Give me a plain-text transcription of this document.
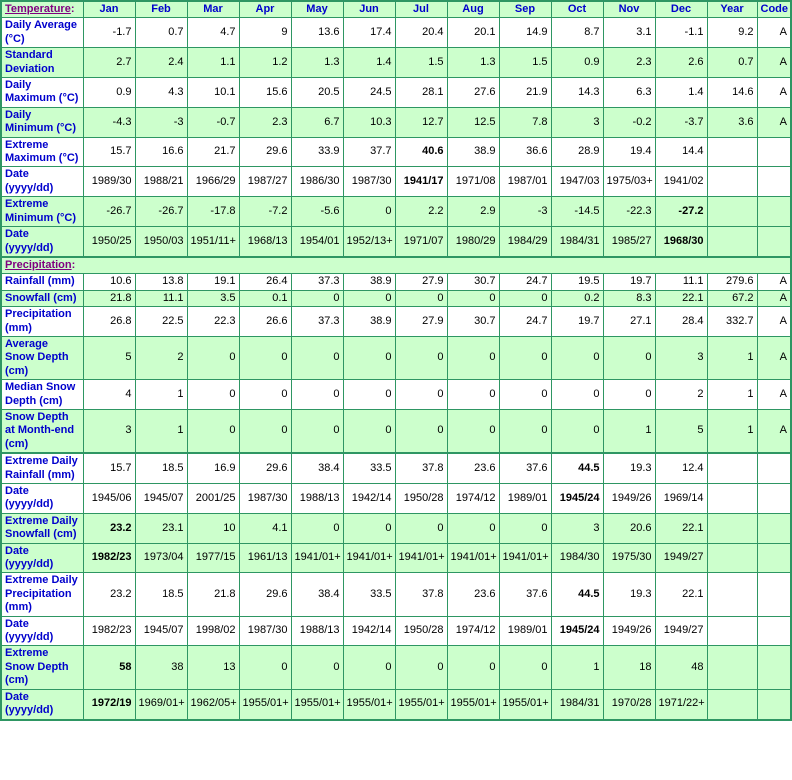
Temperature:	Jan	Feb	Mar	Apr	May	Jun	Jul	Aug	Sep	Oct	Nov	Dec	Year	Code
Daily Average (°C)	-1.7	0.7	4.7	9	13.6	17.4	20.4	20.1	14.9	8.7	3.1	-1.1	9.2	A
Standard Deviation	2.7	2.4	1.1	1.2	1.3	1.4	1.5	1.3	1.5	0.9	2.3	2.6	0.7	A
Daily Maximum (°C)	0.9	4.3	10.1	15.6	20.5	24.5	28.1	27.6	21.9	14.3	6.3	1.4	14.6	A
Daily Minimum (°C)	-4.3	-3	-0.7	2.3	6.7	10.3	12.7	12.5	7.8	3	-0.2	-3.7	3.6	A
Extreme Maximum (°C)	15.7	16.6	21.7	29.6	33.9	37.7	40.6	38.9	36.6	28.9	19.4	14.4		
Date (yyyy/dd)	1989/30	1988/21	1966/29	1987/27	1986/30	1987/30	1941/17	1971/08	1987/01	1947/03	1975/03+	1941/02		
Extreme Minimum (°C)	-26.7	-26.7	-17.8	-7.2	-5.6	0	2.2	2.9	-3	-14.5	-22.3	-27.2		
Date (yyyy/dd)	1950/25	1950/03	1951/11+	1968/13	1954/01	1952/13+	1971/07	1980/29	1984/29	1984/31	1985/27	1968/30		
Precipitation:														
Rainfall (mm)	10.6	13.8	19.1	26.4	37.3	38.9	27.9	30.7	24.7	19.5	19.7	11.1	279.6	A
Snowfall (cm)	21.8	11.1	3.5	0.1	0	0	0	0	0	0.2	8.3	22.1	67.2	A
Precipitation (mm)	26.8	22.5	22.3	26.6	37.3	38.9	27.9	30.7	24.7	19.7	27.1	28.4	332.7	A
Average Snow Depth (cm)	5	2	0	0	0	0	0	0	0	0	0	3	1	A
Median Snow Depth (cm)	4	1	0	0	0	0	0	0	0	0	0	2	1	A
Snow Depth at Month-end (cm)	3	1	0	0	0	0	0	0	0	0	1	5	1	A
Extreme Daily Rainfall (mm)	15.7	18.5	16.9	29.6	38.4	33.5	37.8	23.6	37.6	44.5	19.3	12.4		
Date (yyyy/dd)	1945/06	1945/07	2001/25	1987/30	1988/13	1942/14	1950/28	1974/12	1989/01	1945/24	1949/26	1969/14		
Extreme Daily Snowfall (cm)	23.2	23.1	10	4.1	0	0	0	0	0	3	20.6	22.1		
Date (yyyy/dd)	1982/23	1973/04	1977/15	1961/13	1941/01+	1941/01+	1941/01+	1941/01+	1941/01+	1984/30	1975/30	1949/27		
Extreme Daily Precipitation (mm)	23.2	18.5	21.8	29.6	38.4	33.5	37.8	23.6	37.6	44.5	19.3	22.1		
Date (yyyy/dd)	1982/23	1945/07	1998/02	1987/30	1988/13	1942/14	1950/28	1974/12	1989/01	1945/24	1949/26	1949/27		
Extreme Snow Depth (cm)	58	38	13	0	0	0	0	0	0	1	18	48		
Date (yyyy/dd)	1972/19	1969/01+	1962/05+	1955/01+	1955/01+	1955/01+	1955/01+	1955/01+	1955/01+	1984/31	1970/28	1971/22+		
